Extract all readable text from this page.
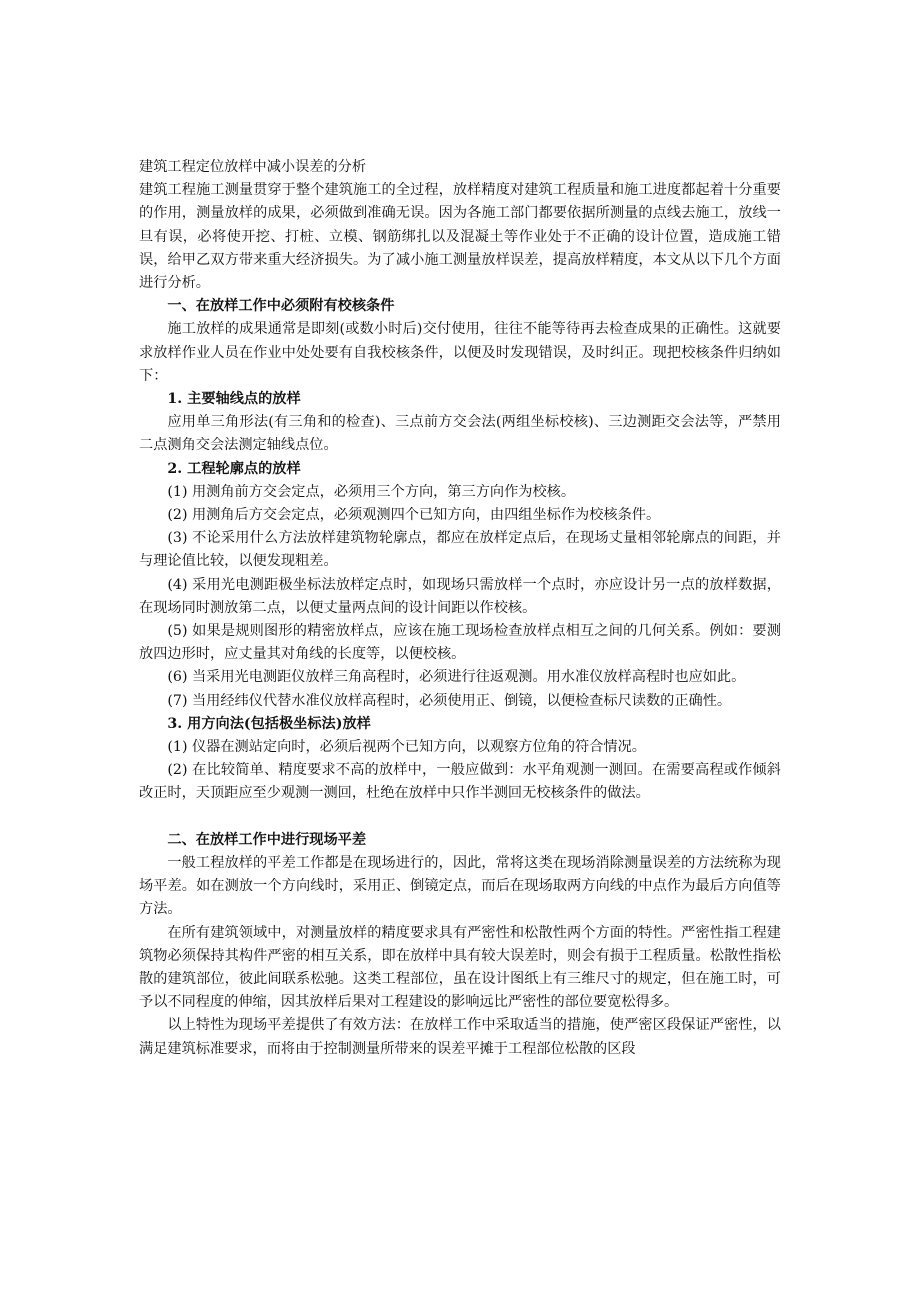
建筑工程定位放样中减小误差的分析

建筑工程施工测量贯穿于整个建筑施工的全过程，放样精度对建筑工程质量和施工进度都起着十分重要的作用，测量放样的成果，必须做到准确无误。因为各施工部门都要依据所测量的点线去施工，放线一旦有误，必将使开挖、打桩、立模、钢筋绑扎以及混凝土等作业处于不正确的设计位置，造成施工错误，给甲乙双方带来重大经济损失。为了减小施工测量放样误差，提高放样精度，本文从以下几个方面进行分析。

一、在放样工作中必须附有校核条件

施工放样的成果通常是即刻(或数小时后)交付使用，往往不能等待再去检查成果的正确性。这就要求放样作业人员在作业中处处要有自我校核条件，以便及时发现错误，及时纠正。现把校核条件归纳如下：

1. 主要轴线点的放样

应用单三角形法(有三角和的检查)、三点前方交会法(两组坐标校核)、三边测距交会法等，严禁用二点测角交会法测定轴线点位。

2. 工程轮廓点的放样

(1) 用测角前方交会定点，必须用三个方向，第三方向作为校核。

(2) 用测角后方交会定点，必须观测四个已知方向，由四组坐标作为校核条件。

(3) 不论采用什么方法放样建筑物轮廓点，都应在放样定点后，在现场丈量相邻轮廓点的间距，并与理论值比较，以便发现粗差。

(4) 采用光电测距极坐标法放样定点时，如现场只需放样一个点时，亦应设计另一点的放样数据，在现场同时测放第二点，以便丈量两点间的设计间距以作校核。

(5) 如果是规则图形的精密放样点，应该在施工现场检查放样点相互之间的几何关系。例如：要测放四边形时，应丈量其对角线的长度等，以便校核。

(6) 当采用光电测距仪放样三角高程时，必须进行往返观测。用水准仪放样高程时也应如此。

(7) 当用经纬仪代替水准仪放样高程时，必须使用正、倒镜，以便检查标尺读数的正确性。

3. 用方向法(包括极坐标法)放样

(1) 仪器在测站定向时，必须后视两个已知方向，以观察方位角的符合情况。

(2) 在比较简单、精度要求不高的放样中，一般应做到：水平角观测一测回。在需要高程或作倾斜改正时，天顶距应至少观测一测回，杜绝在放样中只作半测回无校核条件的做法。

二、在放样工作中进行现场平差

一般工程放样的平差工作都是在现场进行的，因此，常将这类在现场消除测量误差的方法统称为现场平差。如在测放一个方向线时，采用正、倒镜定点，而后在现场取两方向线的中点作为最后方向值等方法。

在所有建筑领域中，对测量放样的精度要求具有严密性和松散性两个方面的特性。严密性指工程建筑物必须保持其构件严密的相互关系，即在放样中具有较大误差时，则会有损于工程质量。松散性指松散的建筑部位，彼此间联系松驰。这类工程部位，虽在设计图纸上有三维尺寸的规定，但在施工时，可予以不同程度的伸缩，因其放样后果对工程建设的影响远比严密性的部位要宽松得多。

以上特性为现场平差提供了有效方法：在放样工作中采取适当的措施，使严密区段保证严密性，以满足建筑标准要求，而将由于控制测量所带来的误差平摊于工程部位松散的区段
